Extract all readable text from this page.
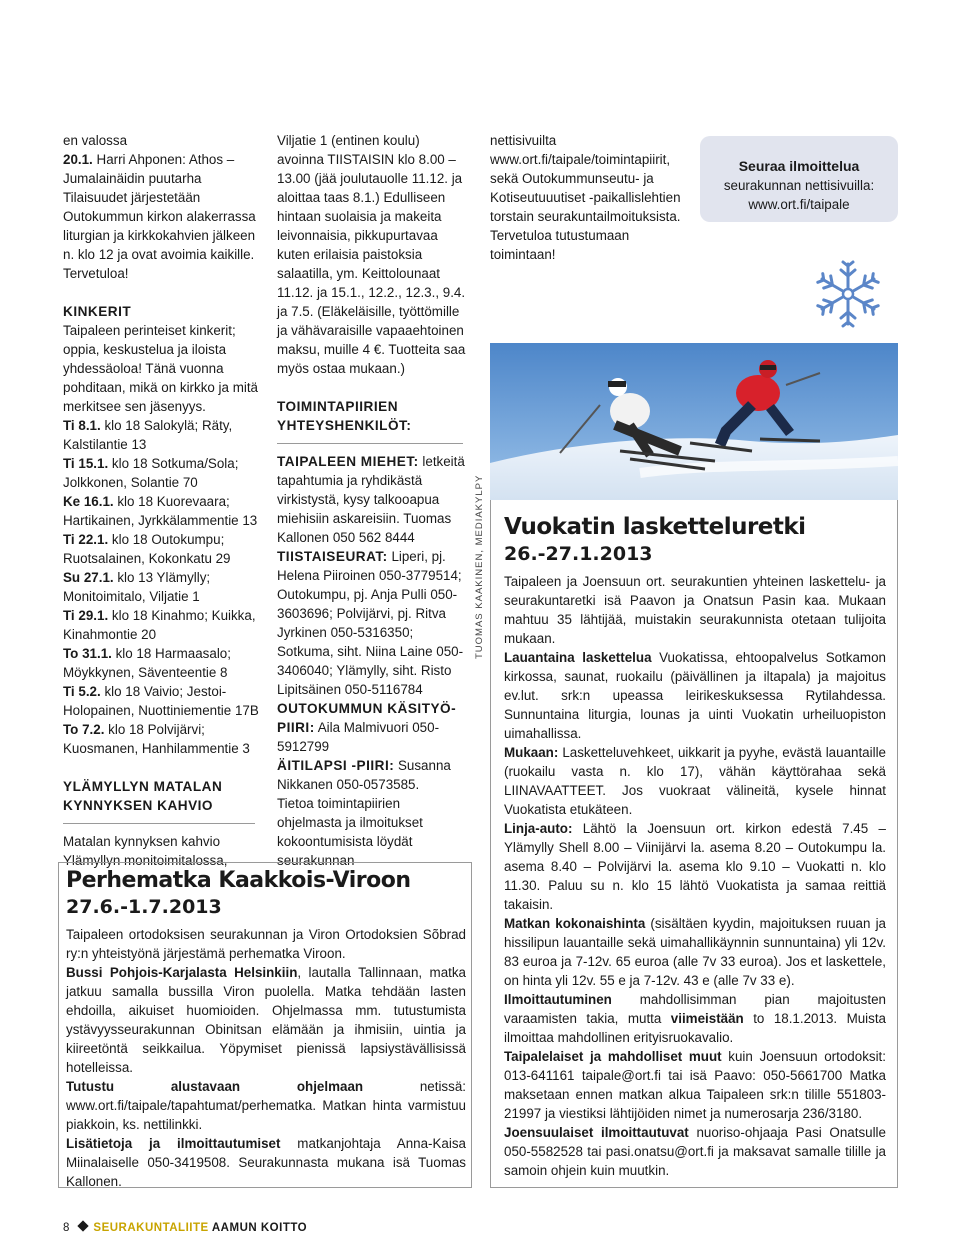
en valossa

20.1. Harri Ahponen: Athos – Jumalainäidin puutarha

Tilaisuudet järjestetään Outokummun kirkon alakerrassa liturgian ja kirkkokahvien jälkeen n. klo 12 ja ovat avoimia kaikille. Tervetuloa!

KINKERIT

Taipaleen perinteiset kinkerit; oppia, keskustelua ja iloista yhdessäoloa! Tänä vuonna pohditaan, mikä on kirkko ja mitä merkitsee sen jäsenyys.

Ti 8.1. klo 18 Salokylä; Räty, Kalstilantie 13

Ti 15.1. klo 18 Sotkuma/Sola; Jolkkonen, Solantie 70

Ke 16.1. klo 18 Kuorevaara; Hartikainen, Jyrkkälammentie 13

Ti 22.1. klo 18 Outokumpu; Ruotsalainen, Kokonkatu 29

Su 27.1. klo 13 Ylämylly; Monitoimitalo, Viljatie 1

Ti 29.1. klo 18 Kinahmo; Kuikka, Kinahmontie 20

To 31.1. klo 18 Harmaasalo; Möykkynen, Säventeentie 8

Ti 5.2. klo 18 Vaivio; Jestoi-Holopainen, Nuottiniementie 17B

To 7.2. klo 18 Polvijärvi; Kuosmanen, Hanhilammentie 3

YLÄMYLLYN MATALAN KYNNYKSEN KAHVIO

Matalan kynnyksen kahvio Ylämyllyn monitoimitalossa,

Viljatie 1 (entinen koulu) avoinna TIISTAISIN klo 8.00 – 13.00 (jää joulutauolle 11.12. ja aloittaa taas 8.1.) Edulliseen hintaan suolaisia ja makeita leivonnaisia, pikkupurtavaa kuten erilaisia paistoksia salaatilla, ym. Keittolounaat 11.12. ja 15.1., 12.2., 12.3., 9.4. ja 7.5. (Eläkeläisille, työttömille ja vähävaraisille vapaaehtoinen maksu, muille 4 €. Tuotteita saa myös ostaa mukaan.)

TOIMINTAPIIRIEN YHTEYSHENKILÖT:

TAIPALEEN MIEHET: letkeitä tapahtumia ja ryhdikästä virkistystä, kysy talkooapua miehisiin askareisiin. Tuomas Kallonen 050 562 8444

TIISTAISEURAT: Liperi, pj. Helena Piiroinen 050-3779514; Outokumpu, pj. Anja Pulli 050-3603696; Polvijärvi, pj. Ritva Jyrkinen 050-5316350; Sotkuma, siht. Niina Laine 050-3406040; Ylämylly, siht. Risto Lipitsäinen 050-5116784

OUTOKUMMUN KÄSITYÖ-PIIRI: Aila Malmivuori 050-5912799

ÄITILAPSI -PIIRI: Susanna Nikkanen 050-0573585.

Tietoa toimintapiirien ohjelmasta ja ilmoitukset kokoontumisista löydät seurakunnan

nettisivuilta www.ort.fi/taipale/toimintapiirit, sekä Outokummunseutu- ja Kotiseutuuutiset -paikallislehtien torstain seurakuntailmoituksista. Tervetuloa tutustumaan toimintaan!

Seuraa ilmoittelua

seurakunnan nettisivuilla:

www.ort.fi/taipale

TUOMAS KAAKINEN, MEDIAKYLPY Vuokatin lasketteluretki

26.-27.1.2013

Taipaleen ja Joensuun ort. seurakuntien yhteinen laskettelu- ja seurakuntaretki isä Paavon ja Onatsun Pasin kaa. Mukaan mahtuu 35 lähtijää, muistakin seurakunnista otetaan tulijoita mukaan.

Lauantaina laskettelua Vuokatissa, ehtoopalvelus Sotkamon kirkossa, saunat, ruokailu (päivällinen ja iltapala) ja majoitus ev.lut. srk:n upeassa leirikeskuksessa Rytilahdessa. Sunnuntaina liturgia, lounas ja uinti Vuokatin urheiluopiston uimahallissa.

Mukaan: Lasketteluvehkeet, uikkarit ja pyyhe, evästä lauantaille (ruokailu vasta n. klo 17), vähän käyttörahaa sekä LIINAVAATTEET. Jos vuokraat välineitä, kysele hinnat Vuokatista etukäteen.

Linja-auto: Lähtö la Joensuun ort. kirkon edestä 7.45 – Ylämylly Shell 8.00 – Viinijärvi la. asema 8.20 – Outokumpu la. asema 8.40 – Polvijärvi la. asema klo 9.10 – Vuokatti n. klo 11.30. Paluu su n. klo 15 lähtö Vuokatista ja samaa reittiä takaisin.

Matkan kokonaishinta (sisältäen kyydin, majoituksen ruuan ja hissilipun lauantaille sekä uimahallikäynnin sunnuntaina) yli 12v. 83 euroa ja 7-12v. 65 euroa (alle 7v 33 euroa). Jos et laskettele, on hinta yli 12v. 55 e ja 7-12v. 43 e (alle 7v 33 e).

Ilmoittautuminen mahdollisimman pian majoitusten varaamisten takia, mutta viimeistään to 18.1.2013. Muista ilmoittaa mahdollinen erityisruokavalio.

Taipalelaiset ja mahdolliset muut kuin Joensuun ortodoksit: 013-641161 taipale@ort.fi tai isä Paavo: 050-5661700 Matka maksetaan ennen matkan alkua Taipaleen srk:n tilille 551803-21997 ja viestiksi lähtijöiden nimet ja numerosarja 236/3180.

Joensuulaiset ilmoittautuvat nuoriso-ohjaaja Pasi Onatsulle 050-5582528 tai pasi.onatsu@ort.fi ja maksavat samalle tilille ja samoin ohjein kuin muutkin.

Perhematka Kaakkois-Viroon

27.6.-1.7.2013

Taipaleen ortodoksisen seurakunnan ja Viron Ortodoksien Sõbrad ry:n yhteistyönä järjestämä perhematka Viroon.

Bussi Pohjois-Karjalasta Helsinkiin, lautalla Tallinnaan, matka jatkuu samalla bussilla Viron puolella. Matka tehdään lasten ehdoilla, aikuiset huomioiden. Ohjelmassa mm. tutustumista ystävyysseurakunnan Obinitsan elämään ja ihmisiin, uintia ja kiireetöntä seikkailua. Yöpymiset pienissä lapsiystävällisissä hotelleissa.

Tutustu alustavaan ohjelmaan netissä: www.ort.fi/taipale/tapahtumat/perhematka. Matkan hinta varmistuu piakkoin, ks. nettilinkki.

Lisätietoja ja ilmoittautumiset matkanjohtaja Anna-Kaisa Miinalaiselle 050-3419508. Seurakunnasta mukana isä Tuomas Kallonen.

8 SEURAKUNTALIITE AAMUN KOITTO
